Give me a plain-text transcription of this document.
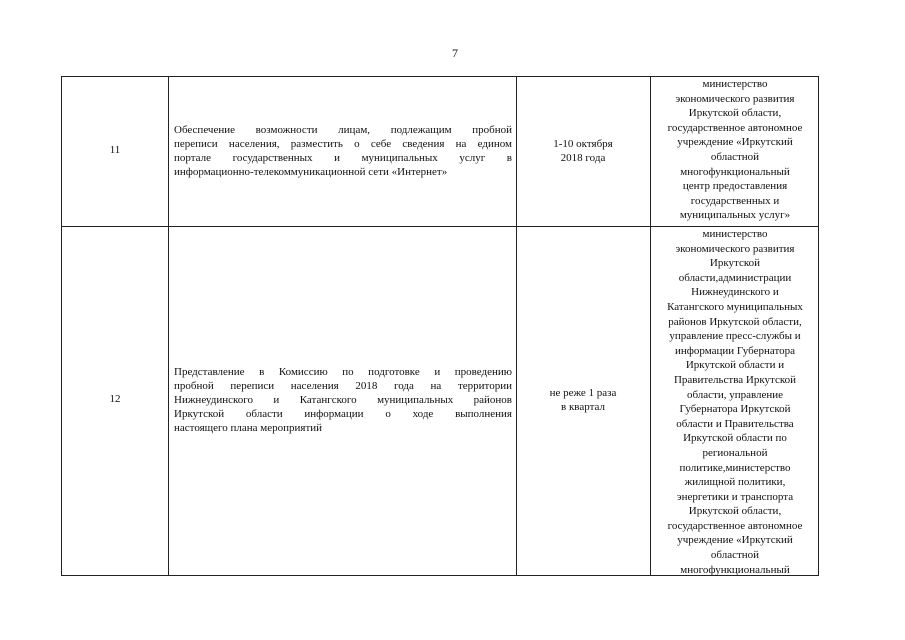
7
11
Обеспечение возможности лицам, подлежащим пробной
переписи населения, разместить о себе сведения на едином
портале государственных и муниципальных услуг в
информационно-телекоммуникационной сети «Интернет»
1-10 октября
2018 года
министерство
экономического развития
Иркутской области,
государственное автономное
учреждение «Иркутский
областной
многофункциональный
центр предоставления
государственных и
муниципальных услуг»
12
Представление в Комиссию по подготовке и проведению
пробной переписи населения 2018 года на территории
Нижнеудинского и Катангского муниципальных районов
Иркутской области информации о ходе выполнения
настоящего плана мероприятий
не реже 1 раза
в квартал
министерство
экономического развития
Иркутской
области,администрации
Нижнеудинского и
Катангского муниципальных
районов Иркутской области,
управление пресс-службы и
информации Губернатора
Иркутской области и
Правительства Иркутской
области, управление
Губернатора Иркутской
области и Правительства
Иркутской области по
региональной
политике,министерство
жилищной политики,
энергетики и транспорта
Иркутской области,
государственное автономное
учреждение «Иркутский
областной
многофункциональный
